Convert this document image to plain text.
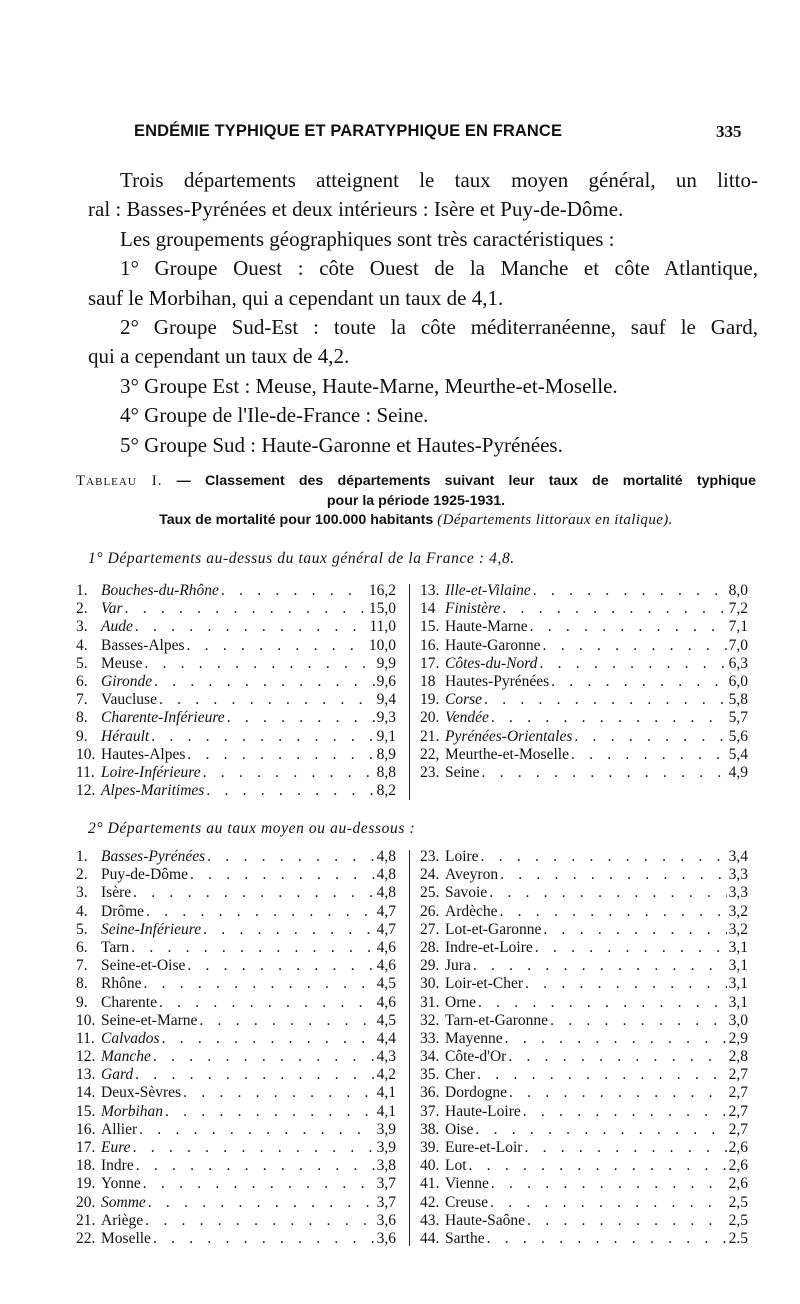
ENDÉMIE TYPHIQUE ET PARATYPHIQUE EN FRANCE	335

Trois départements atteignent le taux moyen général, un litto-

ral : Basses-Pyrénées et deux intérieurs : Isère et Puy-de-Dôme.

Les groupements géographiques sont très caractéristiques :

1° Groupe Ouest : côte Ouest de la Manche et côte Atlantique,

sauf le Morbihan, qui a cependant un taux de 4,1.

2° Groupe Sud-Est : toute la côte méditerranéenne, sauf le Gard,

qui a cependant un taux de 4,2.

3° Groupe Est : Meuse, Haute-Marne, Meurthe-et-Moselle.

4° Groupe de l'Ile-de-France : Seine.

5° Groupe Sud : Haute-Garonne et Hautes-Pyrénées.

Tableau I. — Classement des départements suivant leur taux de mortalité typhique
pour la période 1925-1931.
Taux de mortalité pour 100.000 habitants (Départements littoraux en italique).
1° Départements au-dessus du taux général de la France : 4,8.
1. Bouches-du-Rhône . . .	16,2
2. Var . . .	15,0
3. Aude . . .	11,0
4. Basses-Alpes . . .	10,0
5. Meuse . . .	9,9
6. Gironde . . .	9,6
7. Vaucluse . . .	9,4
8. Charente-Inférieure . . .	9,3
9. Hérault . . .	9,1
10. Hautes-Alpes . . .	8,9
11. Loire-Inférieure . . .	8,8
12. Alpes-Maritimes . . .	8,2
13. Ille-et-Vilaine . . .	8,0
14 Finistère . . .	7,2
15. Haute-Marne . . .	7,1
16. Haute-Garonne . . .	7,0
17. Côtes-du-Nord . . .	6,3
18 Hautes-Pyrénées . . .	6,0
19. Corse . . .	5,8
20. Vendée . . .	5,7
21. Pyrénées-Orientales . . .	5,6
22, Meurthe-et-Moselle . . .	5,4
23. Seine . . .	4,9
2° Départements au taux moyen ou au-dessous :
1. Basses-Pyrénées . . .	4,8
2. Puy-de-Dôme . . .	4,8
3. Isère . . .	4,8
4. Drôme . . .	4,7
5. Seine-Inférieure . . .	4,7
6. Tarn . . .	4,6
7. Seine-et-Oise . . .	4,6
8. Rhône . . .	4,5
9. Charente . . .	4,6
10. Seine-et-Marne . . .	4,5
11. Calvados . . .	4,4
12. Manche . . .	4,3
13. Gard . . .	4,2
14. Deux-Sèvres . . .	4,1
15. Morbihan . . .	4,1
16. Allier . . .	3,9
17. Eure . . .	3,9
18. Indre . . .	3,8
19. Yonne . . .	3,7
20. Somme . . .	3,7
21. Ariège . . .	3,6
22. Moselle . . .	3,6
23. Loire . . .	3,4
24. Aveyron . . .	3,3
25. Savoie . . .	3,3
26. Ardèche . . .	3,2
27. Lot-et-Garonne . . .	3,2
28. Indre-et-Loire . . .	3,1
29. Jura . . .	3,1
30. Loir-et-Cher . . .	3,1
31. Orne . . .	3,1
32. Tarn-et-Garonne . . .	3,0
33. Mayenne . . .	2,9
34. Côte-d'Or . . .	2,8
35. Cher . . .	2,7
36. Dordogne . . .	2,7
37. Haute-Loire . . .	2,7
38. Oise . . .	2,7
39. Eure-et-Loir . . .	2,6
40. Lot . . .	2,6
41. Vienne . . .	2,6
42. Creuse . . .	2,5
43. Haute-Saône . . .	2,5
44. Sarthe . . .	2.5
